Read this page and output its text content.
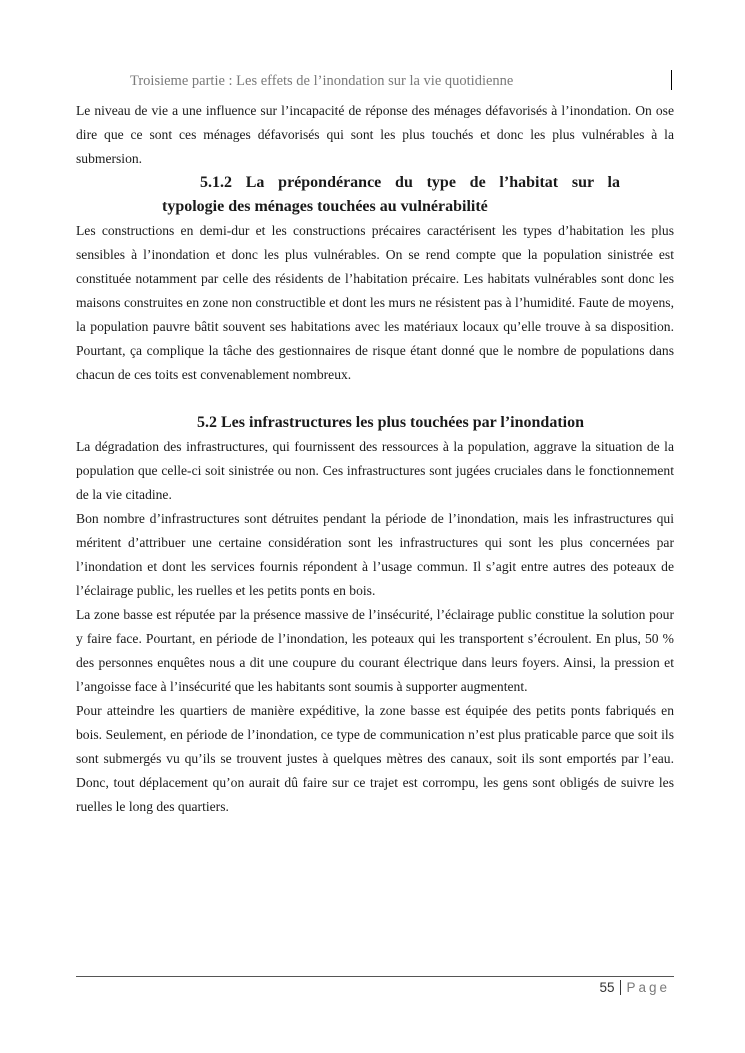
Troisieme partie : Les effets de l’inondation sur la vie quotidienne

Le niveau de vie a une influence sur l’incapacité de réponse des ménages défavorisés à l’inondation. On ose dire que ce sont ces ménages défavorisés qui sont les plus touchés et donc les plus vulnérables à la submersion.

5.1.2 La prépondérance du type de l’habitat sur la
typologie des ménages touchées au vulnérabilité

Les constructions en demi-dur et les constructions précaires caractérisent les types d’habitation les plus sensibles à l’inondation et donc les plus vulnérables. On se rend compte que la population sinistrée est constituée notamment par celle des résidents de l’habitation précaire. Les habitats vulnérables sont donc les maisons construites en zone non constructible et dont les murs ne résistent pas à l’humidité. Faute de moyens, la population pauvre bâtit souvent ses habitations avec les matériaux locaux qu’elle trouve à sa disposition. Pourtant, ça complique la tâche des gestionnaires de risque étant donné que le nombre de populations dans chacun de ces toits est convenablement nombreux.

5.2 Les infrastructures les plus touchées par l’inondation

La dégradation des infrastructures, qui fournissent des ressources à la population, aggrave la situation de la population que celle-ci soit sinistrée ou non. Ces infrastructures sont jugées cruciales dans le fonctionnement de la vie citadine.

Bon nombre d’infrastructures sont détruites pendant la période de l’inondation, mais les infrastructures qui méritent d’attribuer une certaine considération sont les infrastructures qui sont les plus concernées par l’inondation et dont les services fournis répondent à l’usage commun. Il s’agit entre autres des poteaux de l’éclairage public, les ruelles et les petits ponts en bois.

La zone basse est réputée par la présence massive de l’insécurité, l’éclairage public constitue la solution pour y faire face. Pourtant, en période de l’inondation, les poteaux qui les transportent s’écroulent. En plus, 50 % des personnes enquêtes nous a dit une coupure du courant électrique dans leurs foyers. Ainsi, la pression et l’angoisse face à l’insécurité que les habitants sont soumis à supporter augmentent.

Pour atteindre les quartiers de manière expéditive, la zone basse est équipée des petits ponts fabriqués en bois. Seulement, en période de l’inondation, ce type de communication n’est plus praticable parce que soit ils sont submergés vu qu’ils se trouvent justes à quelques mètres des canaux, soit ils sont emportés par l’eau. Donc, tout déplacement qu’on aurait dû faire sur ce trajet est corrompu, les gens sont obligés de suivre les ruelles le long des quartiers.

55 Page
